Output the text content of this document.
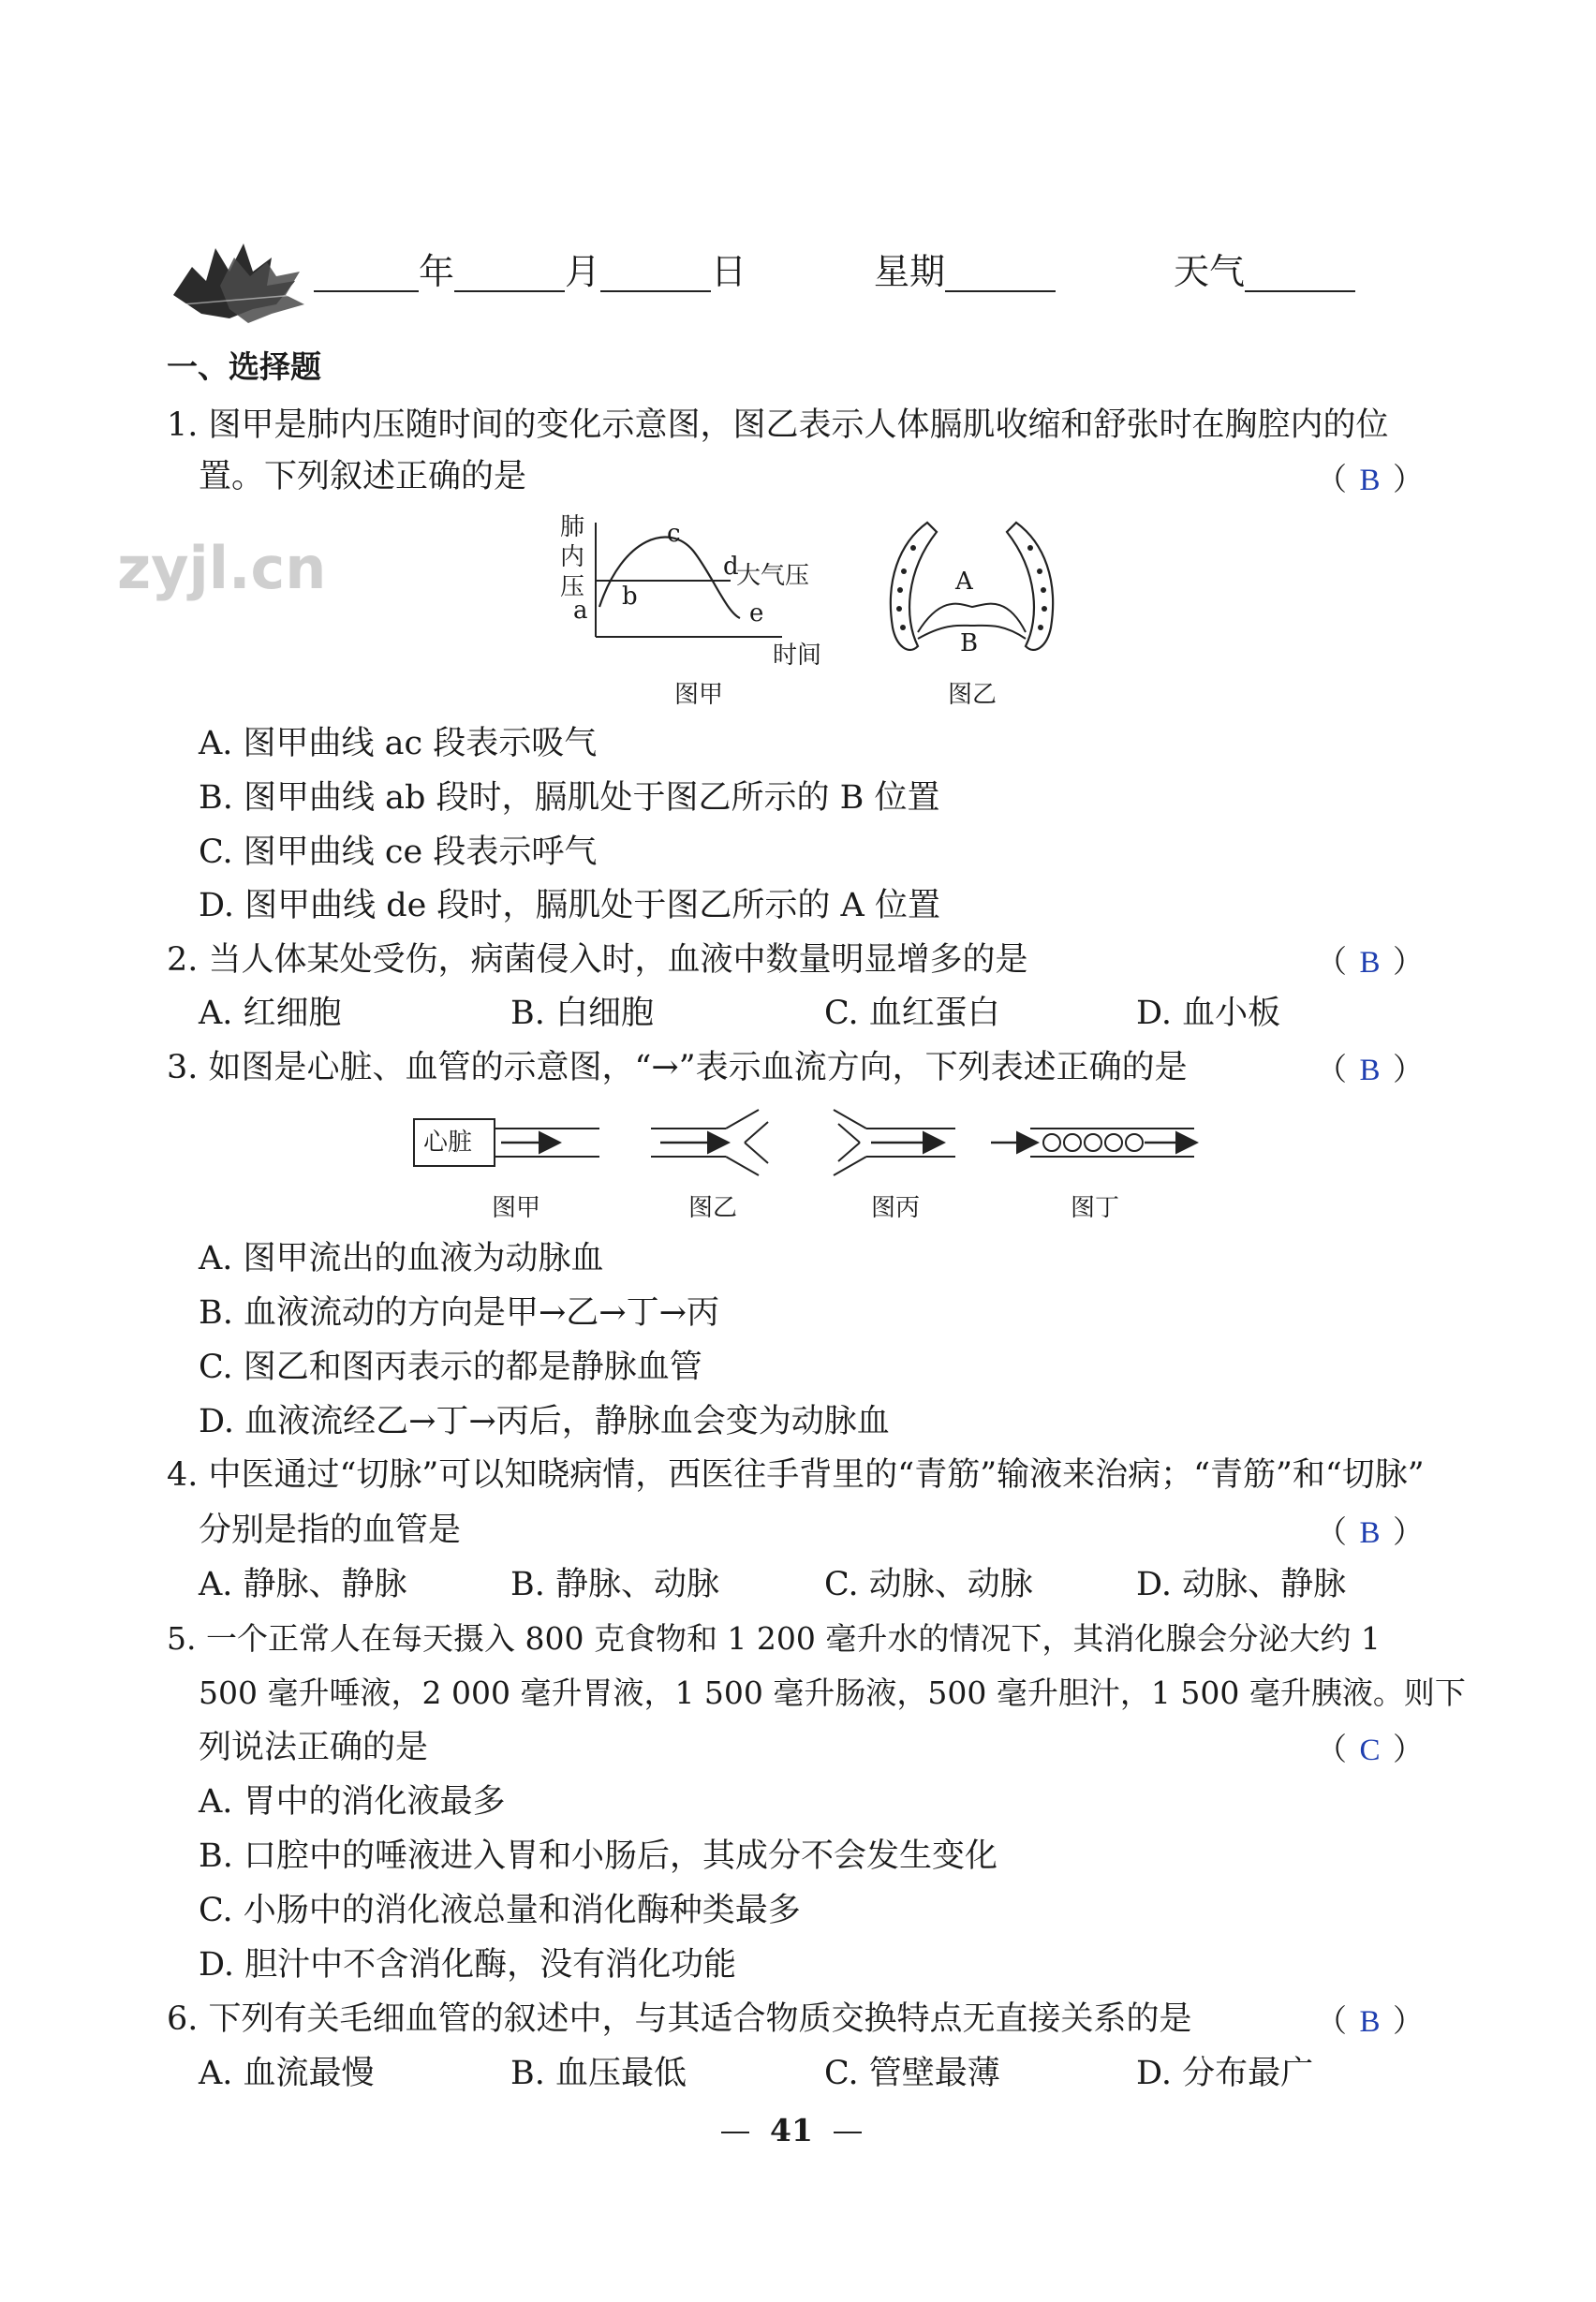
年	月	日	星期	天气
一、选择题
1. 图甲是肺内压随时间的变化示意图，图乙表示人体膈肌收缩和舒张时在胸腔内的位
置。下列叙述正确的是	（ B ）
肺
内
压
a b
c
d
e
大气压
时间
图甲
A
B
图乙
A. 图甲曲线 ac 段表示吸气
B. 图甲曲线 ab 段时，膈肌处于图乙所示的 B 位置
C. 图甲曲线 ce 段表示呼气
D. 图甲曲线 de 段时，膈肌处于图乙所示的 A 位置
zyjl.cn
2. 当人体某处受伤，病菌侵入时，血液中数量明显增多的是	（ B ）
A. 红细胞	B. 白细胞	C. 血红蛋白	D. 血小板
3. 如图是心脏、血管的示意图，“→”表示血流方向，下列表述正确的是	（ B ）
心脏
图甲	图乙	图丙	图丁
A. 图甲流出的血液为动脉血
B. 血液流动的方向是甲→乙→丁→丙
C. 图乙和图丙表示的都是静脉血管
D. 血液流经乙→丁→丙后，静脉血会变为动脉血
4. 中医通过“切脉”可以知晓病情，西医往手背里的“青筋”输液来治病；“青筋”和“切脉”
分别是指的血管是	（ B ）
A. 静脉、静脉	B. 静脉、动脉	C. 动脉、动脉	D. 动脉、静脉
5. 一个正常人在每天摄入 800 克食物和 1 200 毫升水的情况下，其消化腺会分泌大约 1
500 毫升唾液，2 000 毫升胃液，1 500 毫升肠液，500 毫升胆汁，1 500 毫升胰液。则下
列说法正确的是	（ C ）
A. 胃中的消化液最多
B. 口腔中的唾液进入胃和小肠后，其成分不会发生变化
C. 小肠中的消化液总量和消化酶种类最多
D. 胆汁中不含消化酶，没有消化功能
6. 下列有关毛细血管的叙述中，与其适合物质交换特点无直接关系的是	（ B ）
A. 血流最慢	B. 血压最低	C. 管壁最薄	D. 分布最广
41
